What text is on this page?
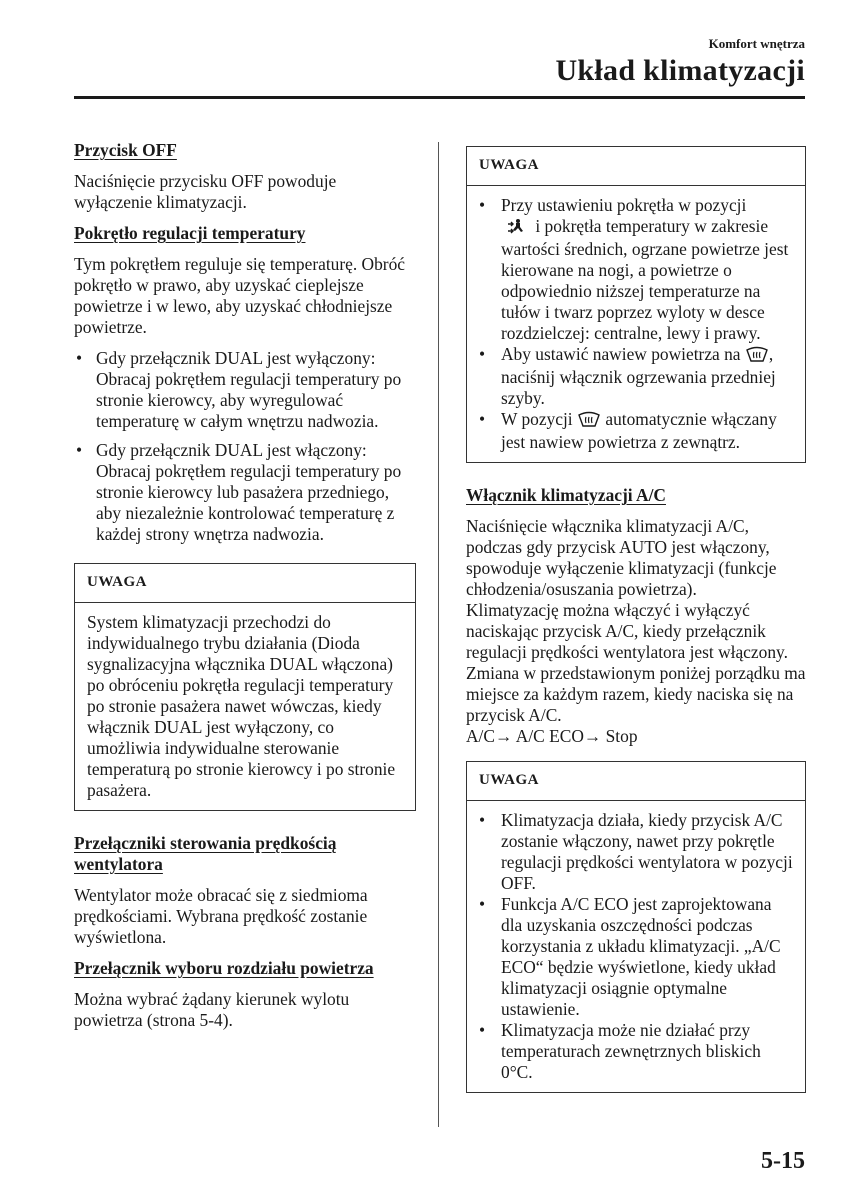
Komfort wnętrza
Układ klimatyzacji
Przycisk OFF

Naciśnięcie przycisku OFF powoduje wyłączenie klimatyzacji.

Pokrętło regulacji temperatury

Tym pokrętłem reguluje się temperaturę. Obróć pokrętło w prawo, aby uzyskać cieplejsze powietrze i w lewo, aby uzyskać chłodniejsze powietrze.

• Gdy przełącznik DUAL jest wyłączony: Obracaj pokrętłem regulacji temperatury po stronie kierowcy, aby wyregulować temperaturę w całym wnętrzu nadwozia.
• Gdy przełącznik DUAL jest włączony: Obracaj pokrętłem regulacji temperatury po stronie kierowcy lub pasażera przedniego, aby niezależnie kontrolować temperaturę z każdej strony wnętrza nadwozia.
UWAGA
System klimatyzacji przechodzi do indywidualnego trybu działania (Dioda sygnalizacyjna włącznika DUAL włączona) po obróceniu pokrętła regulacji temperatury po stronie pasażera nawet wówczas, kiedy włącznik DUAL jest wyłączony, co umożliwia indywidualne sterowanie temperaturą po stronie kierowcy i po stronie pasażera.
Przełączniki sterowania prędkością wentylatora

Wentylator może obracać się z siedmioma prędkościami. Wybrana prędkość zostanie wyświetlona.

Przełącznik wyboru rozdziału powietrza

Można wybrać żądany kierunek wylotu powietrza (strona 5-4).

UWAGA
• Przy ustawieniu pokrętła w pozycji
i pokrętła temperatury w zakresie wartości średnich, ogrzane powietrze jest kierowane na nogi, a powietrze o odpowiednio niższej temperaturze na tułów i twarz poprzez wyloty w desce rozdzielczej: centralne, lewy i prawy.
• Aby ustawić nawiew powietrza na , naciśnij włącznik ogrzewania przedniej szyby.
• W pozycji automatycznie włączany jest nawiew powietrza z zewnątrz.
Włącznik klimatyzacji A/C

Naciśnięcie włącznika klimatyzacji A/C, podczas gdy przycisk AUTO jest włączony, spowoduje wyłączenie klimatyzacji (funkcje chłodzenia/osuszania powietrza).

Klimatyzację można włączyć i wyłączyć naciskając przycisk A/C, kiedy przełącznik regulacji prędkości wentylatora jest włączony.

Zmiana w przedstawionym poniżej porządku ma miejsce za każdym razem, kiedy naciska się na przycisk A/C.

A/C→ A/C ECO→ Stop

UWAGA
• Klimatyzacja działa, kiedy przycisk A/C zostanie włączony, nawet przy pokrętle regulacji prędkości wentylatora w pozycji OFF.
• Funkcja A/C ECO jest zaprojektowana dla uzyskania oszczędności podczas korzystania z układu klimatyzacji. „A/C ECO“ będzie wyświetlone, kiedy układ klimatyzacji osiągnie optymalne ustawienie.
• Klimatyzacja może nie działać przy temperaturach zewnętrznych bliskich 0°C.
5-15
